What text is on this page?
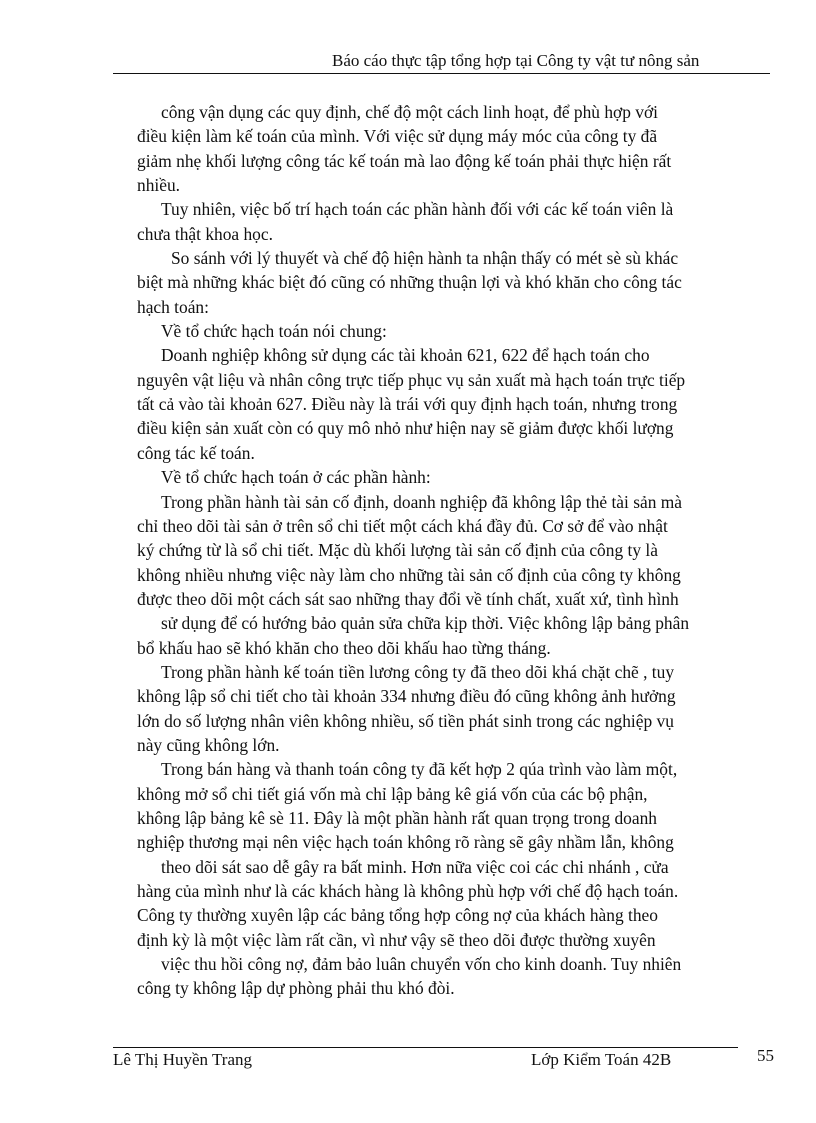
Báo cáo thực tập tổng hợp tại Công ty vật tư nông sản
công vận dụng các quy định, chế độ một cách linh hoạt, để phù hợp với
điều kiện làm kế toán của mình. Với việc sử dụng máy móc của công ty đã
giảm nhẹ khối lượng công tác kế toán mà lao động kế toán phải thực hiện rất
nhiều.
Tuy nhiên, việc bố trí hạch toán các phần hành đối với các kế toán viên là
chưa thật khoa học.
So sánh với lý thuyết và chế độ hiện hành ta nhận thấy có mét sè sù khác
biệt mà những khác biệt đó cũng có những thuận lợi và khó khăn cho công tác
hạch toán:
Về tổ chức hạch toán nói chung:
Doanh nghiệp không sử dụng các tài khoản 621, 622 để hạch toán cho
nguyên vật liệu và nhân công trực tiếp phục vụ sản xuất mà hạch toán trực tiếp
tất cả vào tài khoản 627. Điều này là trái với quy định hạch toán, nhưng trong
điều kiện sản xuất còn có quy mô nhỏ như hiện nay sẽ giảm được khối lượng
công tác kế toán.
Về tổ chức hạch toán ở các phần hành:
Trong phần hành tài sản cố định, doanh nghiệp đã không lập thẻ tài sản mà
chỉ theo dõi tài sản ở trên sổ chi tiết một cách khá đầy đủ. Cơ sở để vào nhật
ký chứng từ là sổ chi tiết. Mặc dù khối lượng tài sản cố định của công ty là
không nhiều nhưng việc này làm cho những tài sản cố định của công ty không
được theo dõi một cách sát sao những thay đổi về tính chất, xuất xứ, tình hình
sử dụng để có hướng bảo quản sửa chữa kịp thời. Việc không lập bảng phân
bổ khấu hao sẽ khó khăn cho theo dõi khấu hao từng tháng.
Trong phần hành kế toán tiền lương công ty đã theo dõi khá chặt chẽ , tuy
không lập sổ chi tiết cho tài khoản 334 nhưng điều đó cũng không ảnh hưởng
lớn do số lượng nhân viên không nhiều, số tiền phát sinh trong các nghiệp vụ
này cũng không lớn.
Trong bán hàng và thanh toán công ty đã kết hợp 2 qúa trình vào làm một,
không mở sổ chi tiết giá vốn mà chỉ lập bảng kê giá vốn của các bộ phận,
không lập bảng kê sè 11. Đây là một phần hành rất quan trọng trong doanh
nghiệp thương mại nên việc hạch toán không rõ ràng sẽ gây nhầm lẫn, không
theo dõi sát sao dễ gây ra bất minh. Hơn nữa việc coi các chi nhánh , cửa
hàng của mình như là các khách hàng là không phù hợp với chế độ hạch toán.
Công ty thường xuyên lập các bảng tổng hợp công nợ của khách hàng theo
định kỳ là một việc làm rất cần, vì như vậy sẽ theo dõi được thường xuyên
việc thu hồi công nợ, đảm bảo luân chuyển vốn cho kinh doanh. Tuy nhiên
công ty không lập dự phòng phải thu khó đòi.
Lê Thị Huyền Trang	Lớp Kiểm Toán 42B	55
